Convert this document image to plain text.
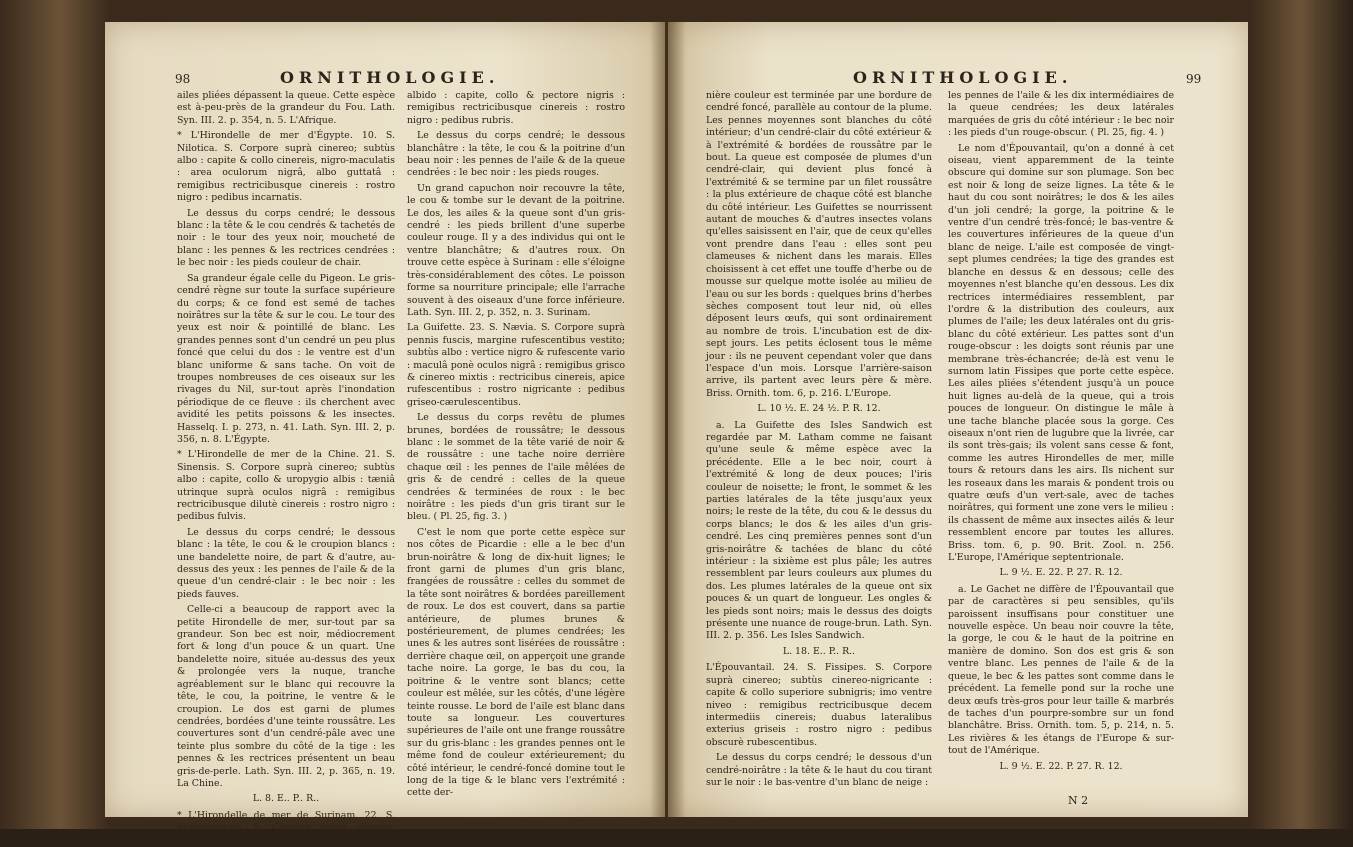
98	ORNITHOLOGIE.

ailes pliées dépassent la queue. Cette espèce est à-peu-près de la grandeur du Fou. Lath. Syn. III. 2. p. 354, n. 5. L'Afrique.

* L'Hirondelle de mer d'Égypte. 10. S. Nilotica. S. Corpore suprà cinereo; subtùs albo : capite & collo cinereis, nigro-maculatis : area oculorum nigrâ, albo guttatâ : remigibus rectricibusque cinereis : rostro nigro : pedibus incarnatis.

Le dessus du corps cendré; le dessous blanc : la tête & le cou cendrés & tachetés de noir : le tour des yeux noir, moucheté de blanc : les pennes & les rectrices cendrées : le bec noir : les pieds couleur de chair.

Sa grandeur égale celle du Pigeon. Le gris-cendré règne sur toute la surface supérieure du corps; & ce fond est semé de taches noirâtres sur la tête & sur le cou. Le tour des yeux est noir & pointillé de blanc. Les grandes pennes sont d'un cendré un peu plus foncé que celui du dos : le ventre est d'un blanc uniforme & sans tache. On voit de troupes nombreuses de ces oiseaux sur les rivages du Nil, sur-tout après l'inondation périodique de ce fleuve : ils cherchent avec avidité les petits poissons & les insectes. Hasselq. I. p. 273, n. 41. Lath. Syn. III. 2, p. 356, n. 8. L'Égypte.

* L'Hirondelle de mer de la Chine. 21. S. Sinensis. S. Corpore suprà cinereo; subtùs albo : capite, collo & uropygio albis : tæniâ utrinque suprà oculos nigrâ : remigibus rectricibusque dilutè cinereis : rostro nigro : pedibus fulvis.

Le dessus du corps cendré; le dessous blanc : la tête, le cou & le croupion blancs : une bandelette noire, de part & d'autre, au-dessus des yeux : les pennes de l'aile & de la queue d'un cendré-clair : le bec noir : les pieds fauves.

Celle-ci a beaucoup de rapport avec la petite Hirondelle de mer, sur-tout par sa grandeur. Son bec est noir, médiocrement fort & long d'un pouce & un quart. Une bandelette noire, située au-dessus des yeux & prolongée vers la nuque, tranche agréablement sur le blanc qui recouvre la tête, le cou, la poitrine, le ventre & le croupion. Le dos est garni de plumes cendrées, bordées d'une teinte roussâtre. Les couvertures sont d'un cendré-pâle avec une teinte plus sombre du côté de la tige : les pennes & les rectrices présentent un beau gris-de-perle. Lath. Syn. III. 2, p. 365, n. 19. La Chine.

L. 8. E.. P.. R..

* L'Hirondelle de mer de Surinam. 22. S. Surinamensis. S. Corpore suprà cinereo; subtùs

albido : capite, collo & pectore nigris : remigibus rectricibusque cinereis : rostro nigro : pedibus rubris.

Le dessus du corps cendré; le dessous blanchâtre : la tête, le cou & la poitrine d'un beau noir : les pennes de l'aile & de la queue cendrées : le bec noir : les pieds rouges.

Un grand capuchon noir recouvre la tête, le cou & tombe sur le devant de la poitrine. Le dos, les ailes & la queue sont d'un gris-cendré : les pieds brillent d'une superbe couleur rouge. Il y a des individus qui ont le ventre blanchâtre; & d'autres roux. On trouve cette espèce à Surinam : elle s'éloigne très-considérablement des côtes. Le poisson forme sa nourriture principale; elle l'arrache souvent à des oiseaux d'une force inférieure. Lath. Syn. III. 2, p. 352, n. 3. Surinam.

La Guifette. 23. S. Nævia. S. Corpore suprà pennis fuscis, margine rufescentibus vestito; subtùs albo : vertice nigro & rufescente vario : maculâ ponè oculos nigrâ : remigibus grisco & cinereo mixtis : rectricibus cinereis, apice rufescentibus : rostro nigricante : pedibus griseo-cærulescentibus.

Le dessus du corps revêtu de plumes brunes, bordées de roussâtre; le dessous blanc : le sommet de la tête varié de noir & de roussâtre : une tache noire derrière chaque œil : les pennes de l'aile mêlées de gris & de cendré : celles de la queue cendrées & terminées de roux : le bec noirâtre : les pieds d'un gris tirant sur le bleu. ( Pl. 25, fig. 3. )

C'est le nom que porte cette espèce sur nos côtes de Picardie : elle a le bec d'un brun-noirâtre & long de dix-huit lignes; le front garni de plumes d'un gris blanc, frangées de roussâtre : celles du sommet de la tête sont noirâtres & bordées pareillement de roux. Le dos est couvert, dans sa partie antérieure, de plumes brunes & postérieurement, de plumes cendrées; les unes & les autres sont lisérées de roussâtre : derrière chaque œil, on apperçoit une grande tache noire. La gorge, le bas du cou, la poitrine & le ventre sont blancs; cette couleur est mêlée, sur les côtés, d'une légère teinte rousse. Le bord de l'aile est blanc dans toute sa longueur. Les couvertures supérieures de l'aile ont une frange roussâtre sur du gris-blanc : les grandes pennes ont le même fond de couleur extérieurement; du côté intérieur, le cendré-foncé domine tout le long de la tige & le blanc vers l'extrémité : cette der-

ORNITHOLOGIE.	99

nière couleur est terminée par une bordure de cendré foncé, parallèle au contour de la plume. Les pennes moyennes sont blanches du côté intérieur; d'un cendré-clair du côté extérieur & à l'extrémité & bordées de roussâtre par le bout. La queue est composée de plumes d'un cendré-clair, qui devient plus foncé à l'extrémité & se termine par un filet roussâtre : la plus extérieure de chaque côté est blanche du côté intérieur. Les Guifettes se nourrissent autant de mouches & d'autres insectes volans qu'elles saisissent en l'air, que de ceux qu'elles vont prendre dans l'eau : elles sont peu clameuses & nichent dans les marais. Elles choisissent à cet effet une touffe d'herbe ou de mousse sur quelque motte isolée au milieu de l'eau ou sur les bords : quelques brins d'herbes sèches composent tout leur nid, où elles déposent leurs œufs, qui sont ordinairement au nombre de trois. L'incubation est de dix-sept jours. Les petits éclosent tous le même jour : ils ne peuvent cependant voler que dans l'espace d'un mois. Lorsque l'arrière-saison arrive, ils partent avec leurs père & mère. Briss. Ornith. tom. 6, p. 216. L'Europe.

L. 10 ½. E. 24 ½. P. R. 12.

a. La Guifette des Isles Sandwich est regardée par M. Latham comme ne faisant qu'une seule & même espèce avec la précédente. Elle a le bec noir, court à l'extrémité & long de deux pouces; l'iris couleur de noisette; le front, le sommet & les parties latérales de la tête jusqu'aux yeux noirs; le reste de la tête, du cou & le dessus du corps blancs; le dos & les ailes d'un gris-cendré. Les cinq premières pennes sont d'un gris-noirâtre & tachées de blanc du côté intérieur : la sixième est plus pâle; les autres ressemblent par leurs couleurs aux plumes du dos. Les plumes latérales de la queue ont six pouces & un quart de longueur. Les ongles & les pieds sont noirs; mais le dessus des doigts présente une nuance de rouge-brun. Lath. Syn. III. 2. p. 356. Les Isles Sandwich.

L. 18. E.. P.. R..

L'Épouvantail. 24. S. Fissipes. S. Corpore suprà cinereo; subtùs cinereo-nigricante : capite & collo superiore subnigris; imo ventre niveo : remigibus rectricibusque decem intermediis cinereis; duabus lateralibus exterius griseis : rostro nigro : pedibus obscurè rubescentibus.

Le dessus du corps cendré; le dessous d'un cendré-noirâtre : la tête & le haut du cou tirant sur le noir : le bas-ventre d'un blanc de neige :

les pennes de l'aile & les dix intermédiaires de la queue cendrées; les deux latérales marquées de gris du côté intérieur : le bec noir : les pieds d'un rouge-obscur. ( Pl. 25, fig. 4. )

Le nom d'Épouvantail, qu'on a donné à cet oiseau, vient apparemment de la teinte obscure qui domine sur son plumage. Son bec est noir & long de seize lignes. La tête & le haut du cou sont noirâtres; le dos & les ailes d'un joli cendré; la gorge, la poitrine & le ventre d'un cendré très-foncé; le bas-ventre & les couvertures inférieures de la queue d'un blanc de neige. L'aile est composée de vingt-sept plumes cendrées; la tige des grandes est blanche en dessus & en dessous; celle des moyennes n'est blanche qu'en dessous. Les dix rectrices intermédiaires ressemblent, par l'ordre & la distribution des couleurs, aux plumes de l'aile; les deux latérales ont du gris-blanc du côté extérieur. Les pattes sont d'un rouge-obscur : les doigts sont réunis par une membrane très-échancrée; de-là est venu le surnom latin Fissipes que porte cette espèce. Les ailes pliées s'étendent jusqu'à un pouce huit lignes au-delà de la queue, qui a trois pouces de longueur. On distingue le mâle à une tache blanche placée sous la gorge. Ces oiseaux n'ont rien de lugubre que la livrée, car ils sont très-gais; ils volent sans cesse & font, comme les autres Hirondelles de mer, mille tours & retours dans les airs. Ils nichent sur les roseaux dans les marais & pondent trois ou quatre œufs d'un vert-sale, avec de taches noirâtres, qui forment une zone vers le milieu : ils chassent de même aux insectes ailés & leur ressemblent encore par toutes les allures. Briss. tom. 6, p. 90. Brit. Zool. n. 256. L'Europe, l'Amérique septentrionale.

L. 9 ½. E. 22. P. 27. R. 12.

a. Le Gachet ne diffère de l'Épouvantail que par de caractères si peu sensibles, qu'ils paroissent insuffisans pour constituer une nouvelle espèce. Un beau noir couvre la tête, la gorge, le cou & le haut de la poitrine en manière de domino. Son dos est gris & son ventre blanc. Les pennes de l'aile & de la queue, le bec & les pattes sont comme dans le précédent. La femelle pond sur la roche une deux œufs très-gros pour leur taille & marbrés de taches d'un pourpre-sombre sur un fond blanchâtre. Briss. Ornith. tom. 5, p. 214, n. 5. Les rivières & les étangs de l'Europe & sur-tout de l'Amérique.

L. 9 ½. E. 22. P. 27. R. 12.

N 2
